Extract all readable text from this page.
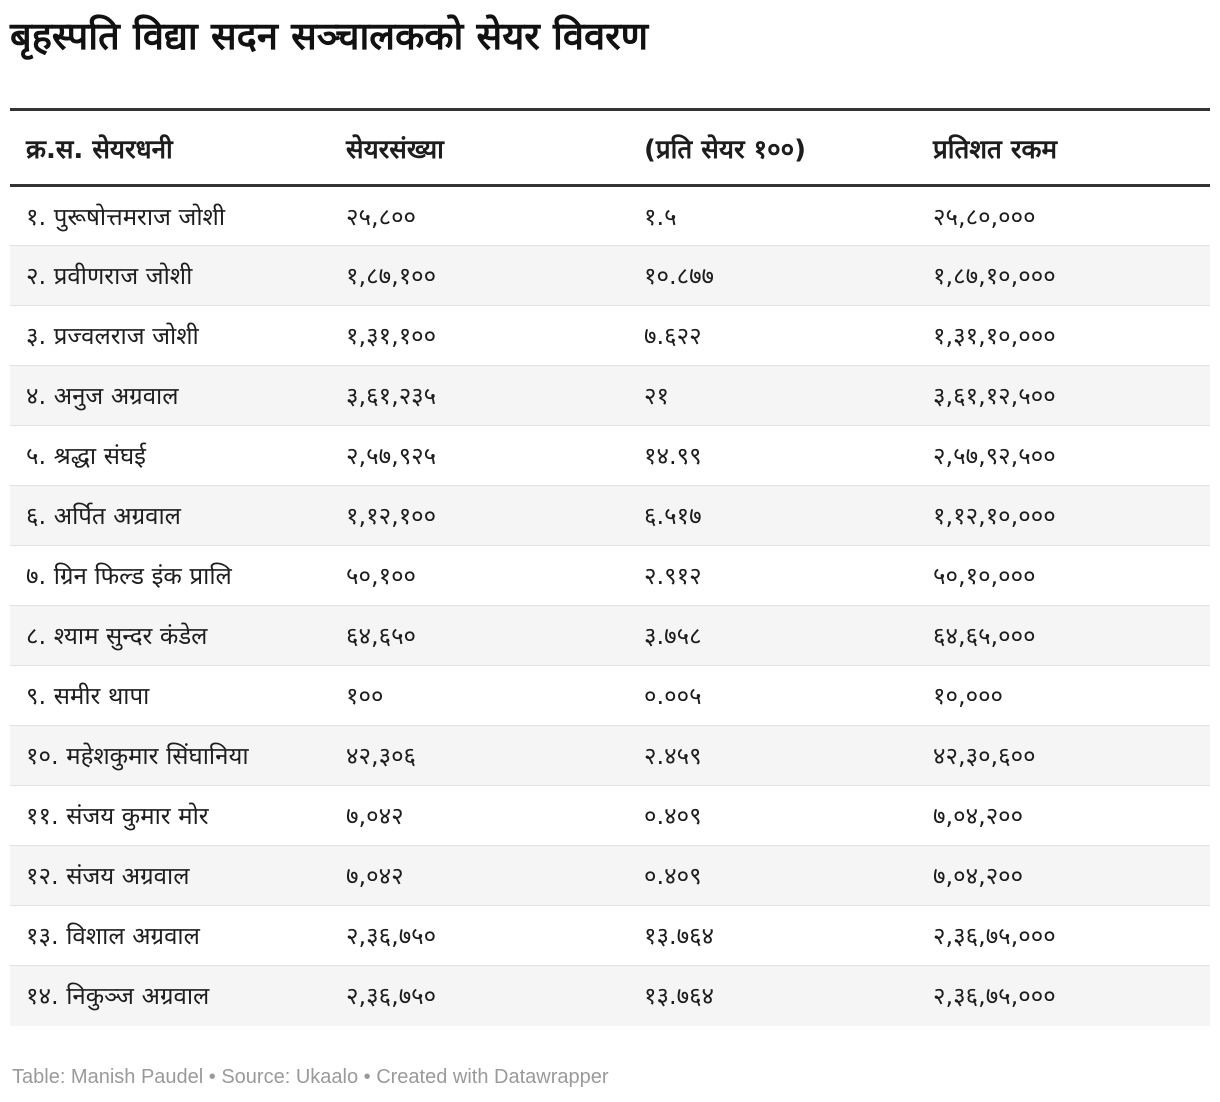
बृहस्पति विद्या सदन सञ्चालकको सेयर विवरण
क्र.स. सेयरधनी	सेयरसंख्या	(प्रति सेयर १००)	प्रतिशत रकम
१. पुरूषोत्तमराज जोशी	२५,८००	१.५	२५,८०,०००
२. प्रवीणराज जोशी	१,८७,१००	१०.८७७	१,८७,१०,०००
३. प्रज्वलराज जोशी	१,३१,१००	७.६२२	१,३१,१०,०००
४. अनुज अग्रवाल	३,६१,२३५	२१	३,६१,१२,५००
५. श्रद्धा संघई	२,५७,९२५	१४.९९	२,५७,९२,५००
६. अर्पित अग्रवाल	१,१२,१००	६.५१७	१,१२,१०,०००
७. ग्रिन फिल्ड इंक प्रालि	५०,१००	२.९१२	५०,१०,०००
८. श्याम सुन्दर कंडेल	६४,६५०	३.७५८	६४,६५,०००
९. समीर थापा	१००	०.००५	१०,०००
१०. महेशकुमार सिंघानिया	४२,३०६	२.४५९	४२,३०,६००
११. संजय कुमार मोर	७,०४२	०.४०९	७,०४,२००
१२. संजय अग्रवाल	७,०४२	०.४०९	७,०४,२००
१३. विशाल अग्रवाल	२,३६,७५०	१३.७६४	२,३६,७५,०००
१४. निकुञ्ज अग्रवाल	२,३६,७५०	१३.७६४	२,३६,७५,०००
Table: Manish Paudel • Source: Ukaalo • Created with Datawrapper
